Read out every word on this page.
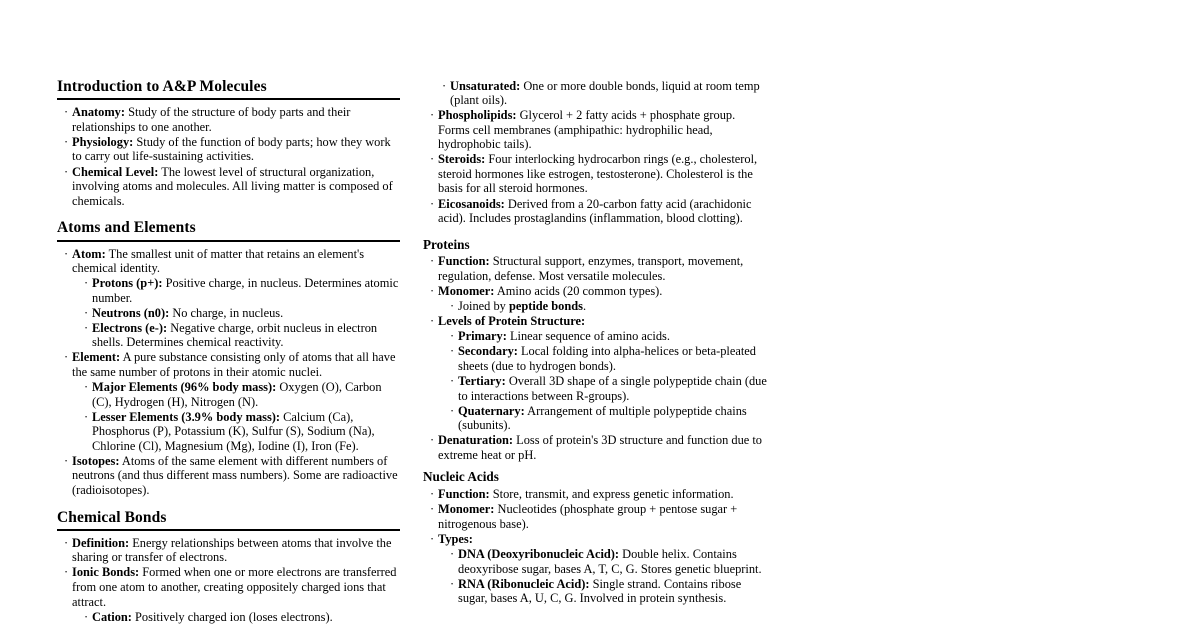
Introduction to A&P Molecules
· Anatomy: Study of the structure of body parts and their relationships to one another.
· Physiology: Study of the function of body parts; how they work to carry out life-sustaining activities.
· Chemical Level: The lowest level of structural organization, involving atoms and molecules. All living matter is composed of chemicals.
Atoms and Elements
· Atom: The smallest unit of matter that retains an element's chemical identity.
· Protons (p+): Positive charge, in nucleus. Determines atomic number.
· Neutrons (n0): No charge, in nucleus.
· Electrons (e-): Negative charge, orbit nucleus in electron shells. Determines chemical reactivity.
· Element: A pure substance consisting only of atoms that all have the same number of protons in their atomic nuclei.
· Major Elements (96% body mass): Oxygen (O), Carbon (C), Hydrogen (H), Nitrogen (N).
· Lesser Elements (3.9% body mass): Calcium (Ca), Phosphorus (P), Potassium (K), Sulfur (S), Sodium (Na), Chlorine (Cl), Magnesium (Mg), Iodine (I), Iron (Fe).
· Isotopes: Atoms of the same element with different numbers of neutrons (and thus different mass numbers). Some are radioactive (radioisotopes).
Chemical Bonds
· Definition: Energy relationships between atoms that involve the sharing or transfer of electrons.
· Ionic Bonds: Formed when one or more electrons are transferred from one atom to another, creating oppositely charged ions that attract.
· Cation: Positively charged ion (loses electrons).
· Unsaturated: One or more double bonds, liquid at room temp (plant oils).
· Phospholipids: Glycerol + 2 fatty acids + phosphate group. Forms cell membranes (amphipathic: hydrophilic head, hydrophobic tails).
· Steroids: Four interlocking hydrocarbon rings (e.g., cholesterol, steroid hormones like estrogen, testosterone). Cholesterol is the basis for all steroid hormones.
· Eicosanoids: Derived from a 20-carbon fatty acid (arachidonic acid). Includes prostaglandins (inflammation, blood clotting).
Proteins
· Function: Structural support, enzymes, transport, movement, regulation, defense. Most versatile molecules.
· Monomer: Amino acids (20 common types).
· Joined by peptide bonds.
· Levels of Protein Structure:
· Primary: Linear sequence of amino acids.
· Secondary: Local folding into alpha-helices or beta-pleated sheets (due to hydrogen bonds).
· Tertiary: Overall 3D shape of a single polypeptide chain (due to interactions between R-groups).
· Quaternary: Arrangement of multiple polypeptide chains (subunits).
· Denaturation: Loss of protein's 3D structure and function due to extreme heat or pH.
Nucleic Acids
· Function: Store, transmit, and express genetic information.
· Monomer: Nucleotides (phosphate group + pentose sugar + nitrogenous base).
· Types:
· DNA (Deoxyribonucleic Acid): Double helix. Contains deoxyribose sugar, bases A, T, C, G. Stores genetic blueprint.
· RNA (Ribonucleic Acid): Single strand. Contains ribose sugar, bases A, U, C, G. Involved in protein synthesis.
